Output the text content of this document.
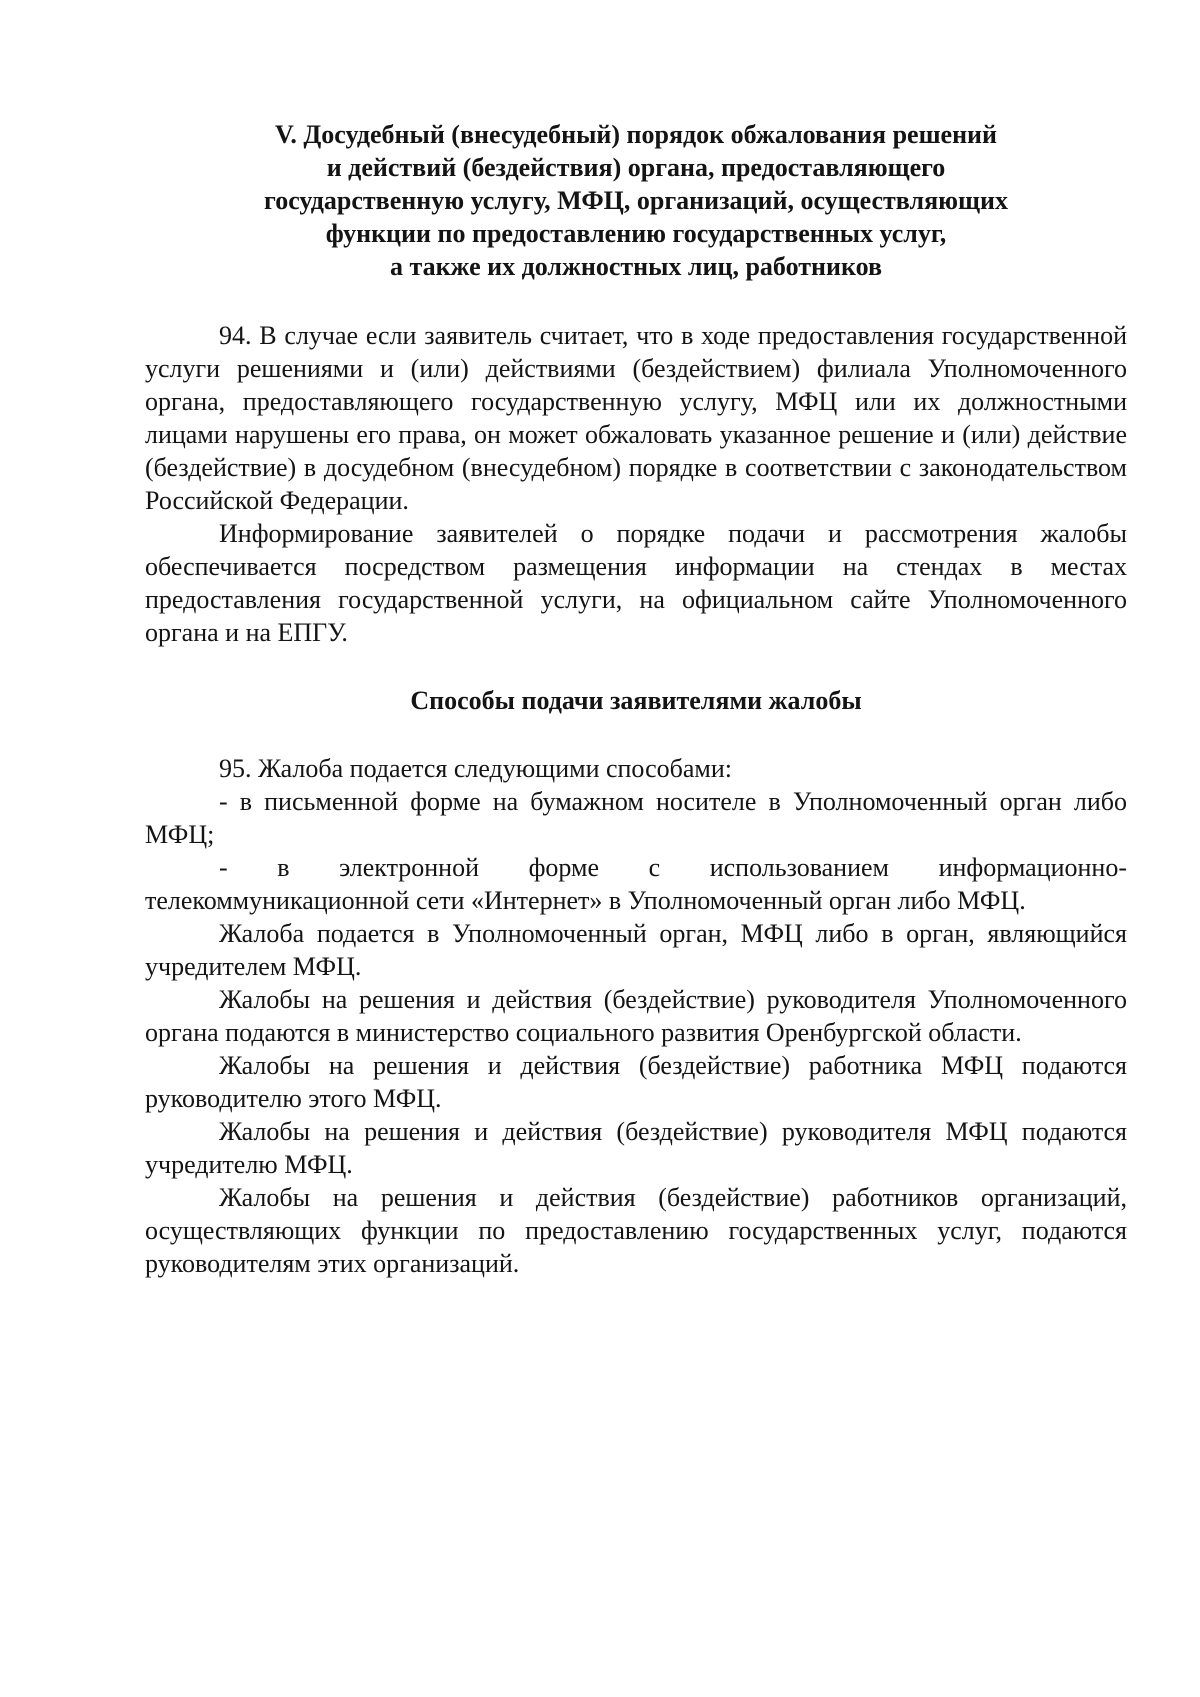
V. Досудебный (внесудебный) порядок обжалования решений
и действий (бездействия) органа, предоставляющего
государственную услугу, МФЦ, организаций, осуществляющих
функции по предоставлению государственных услуг,
а также их должностных лиц, работников

94. В случае если заявитель считает, что в ходе предоставления государственной услуги решениями и (или) действиями (бездействием) филиала Уполномоченного органа, предоставляющего государственную услугу, МФЦ или их должностными лицами нарушены его права, он может обжаловать указанное решение и (или) действие (бездействие) в досудебном (внесудебном) порядке в соответствии с законодательством Российской Федерации.

Информирование заявителей о порядке подачи и рассмотрения жалобы обеспечивается посредством размещения информации на стендах в местах предоставления государственной услуги, на официальном сайте Уполномоченного органа и на ЕПГУ.

Способы подачи заявителями жалобы

95. Жалоба подается следующими способами:

- в письменной форме на бумажном носителе в Уполномоченный орган либо МФЦ;

- в электронной форме с использованием информационно-телекоммуникационной сети «Интернет» в Уполномоченный орган либо МФЦ.

Жалоба подается в Уполномоченный орган, МФЦ либо в орган, являющийся учредителем МФЦ.

Жалобы на решения и действия (бездействие) руководителя Уполномоченного органа подаются в министерство социального развития Оренбургской области.

Жалобы на решения и действия (бездействие) работника МФЦ подаются руководителю этого МФЦ.

Жалобы на решения и действия (бездействие) руководителя МФЦ подаются учредителю МФЦ.

Жалобы на решения и действия (бездействие) работников организаций, осуществляющих функции по предоставлению государственных услуг, подаются руководителям этих организаций.
